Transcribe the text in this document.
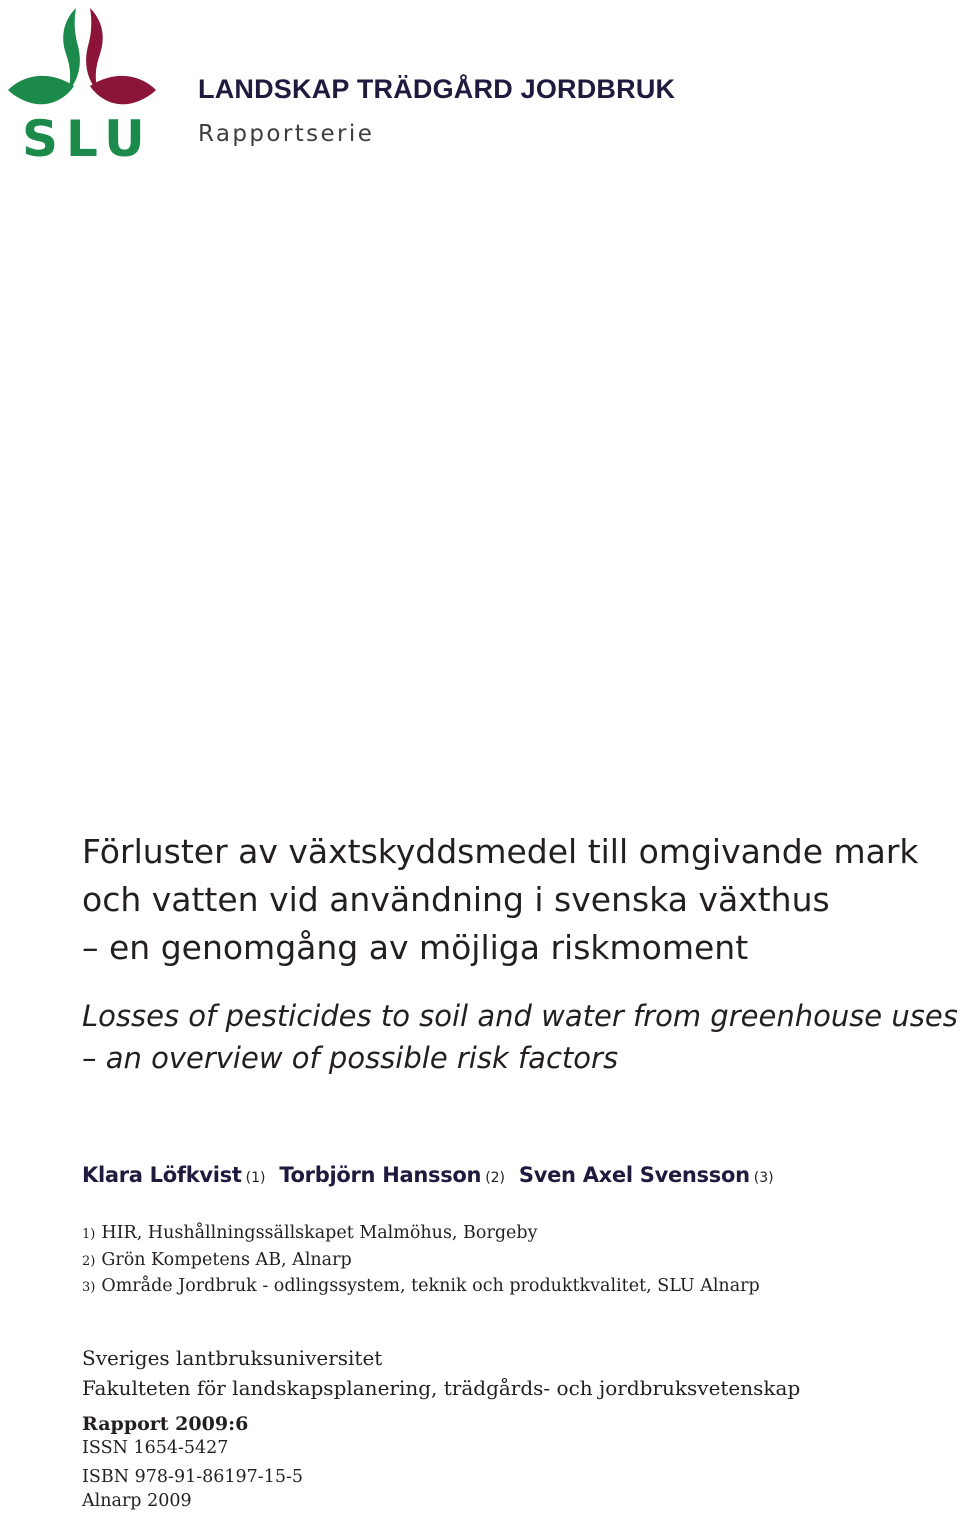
SLU
LANDSKAP TRÄDGÅRD JORDBRUK
Rapportserie
Förluster av växtskyddsmedel till omgivande mark
och vatten vid användning i svenska växthus
– en genomgång av möjliga riskmoment
Losses of pesticides to soil and water from greenhouse uses
– an overview of possible risk factors
Klara Löfkvist (1) Torbjörn Hansson (2) Sven Axel Svensson (3)
1) HIR, Hushållningssällskapet Malmöhus, Borgeby
2) Grön Kompetens AB, Alnarp
3) Område Jordbruk - odlingssystem, teknik och produktkvalitet, SLU Alnarp
Sveriges lantbruksuniversitet
Fakulteten för landskapsplanering, trädgårds- och jordbruksvetenskap
Rapport 2009:6
ISSN 1654-5427
ISBN 978-91-86197-15-5
Alnarp 2009
